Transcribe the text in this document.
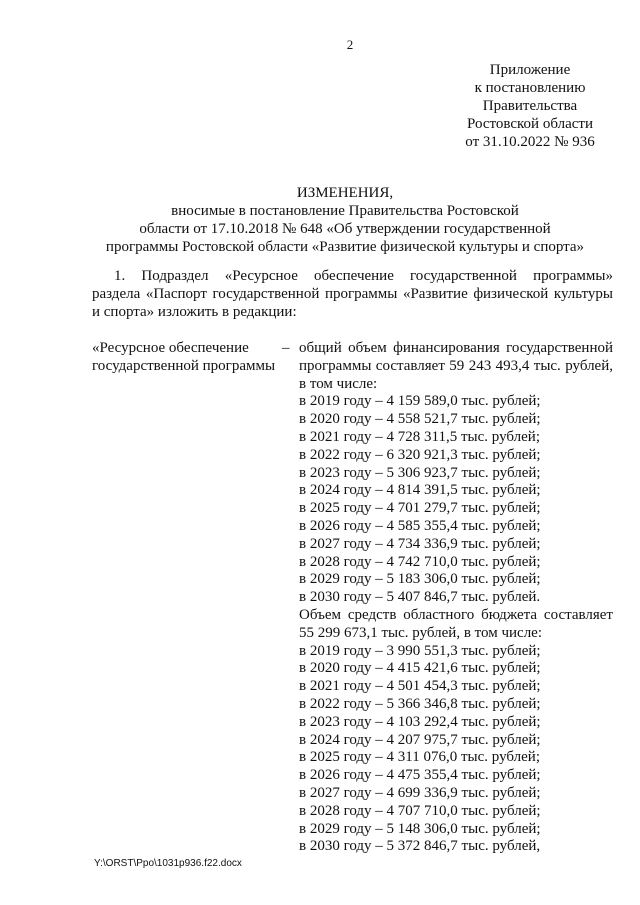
2
Приложение
к постановлению
Правительства
Ростовской области
от 31.10.2022 № 936
ИЗМЕНЕНИЯ,
вносимые в постановление Правительства Ростовской
области от 17.10.2018 № 648 «Об утверждении государственной
программы Ростовской области «Развитие физической культуры и спорта»
1. Подраздел «Ресурсное обеспечение государственной программы»
раздела «Паспорт государственной программы «Развитие физической культуры
и спорта» изложить в редакции:
«Ресурсное обеспечение
государственной программы
– общий объем финансирования государственной
программы составляет 59 243 493,4 тыс. рублей,
в том числе:
в 2019 году – 4 159 589,0 тыс. рублей;
в 2020 году – 4 558 521,7 тыс. рублей;
в 2021 году – 4 728 311,5 тыс. рублей;
в 2022 году – 6 320 921,3 тыс. рублей;
в 2023 году – 5 306 923,7 тыс. рублей;
в 2024 году – 4 814 391,5 тыс. рублей;
в 2025 году – 4 701 279,7 тыс. рублей;
в 2026 году – 4 585 355,4 тыс. рублей;
в 2027 году – 4 734 336,9 тыс. рублей;
в 2028 году – 4 742 710,0 тыс. рублей;
в 2029 году – 5 183 306,0 тыс. рублей;
в 2030 году – 5 407 846,7 тыс. рублей.
Объем средств областного бюджета составляет
55 299 673,1 тыс. рублей, в том числе:
в 2019 году – 3 990 551,3 тыс. рублей;
в 2020 году – 4 415 421,6 тыс. рублей;
в 2021 году – 4 501 454,3 тыс. рублей;
в 2022 году – 5 366 346,8 тыс. рублей;
в 2023 году – 4 103 292,4 тыс. рублей;
в 2024 году – 4 207 975,7 тыс. рублей;
в 2025 году – 4 311 076,0 тыс. рублей;
в 2026 году – 4 475 355,4 тыс. рублей;
в 2027 году – 4 699 336,9 тыс. рублей;
в 2028 году – 4 707 710,0 тыс. рублей;
в 2029 году – 5 148 306,0 тыс. рублей;
в 2030 году – 5 372 846,7 тыс. рублей,
Y:\ORST\Ppo\1031p936.f22.docx
